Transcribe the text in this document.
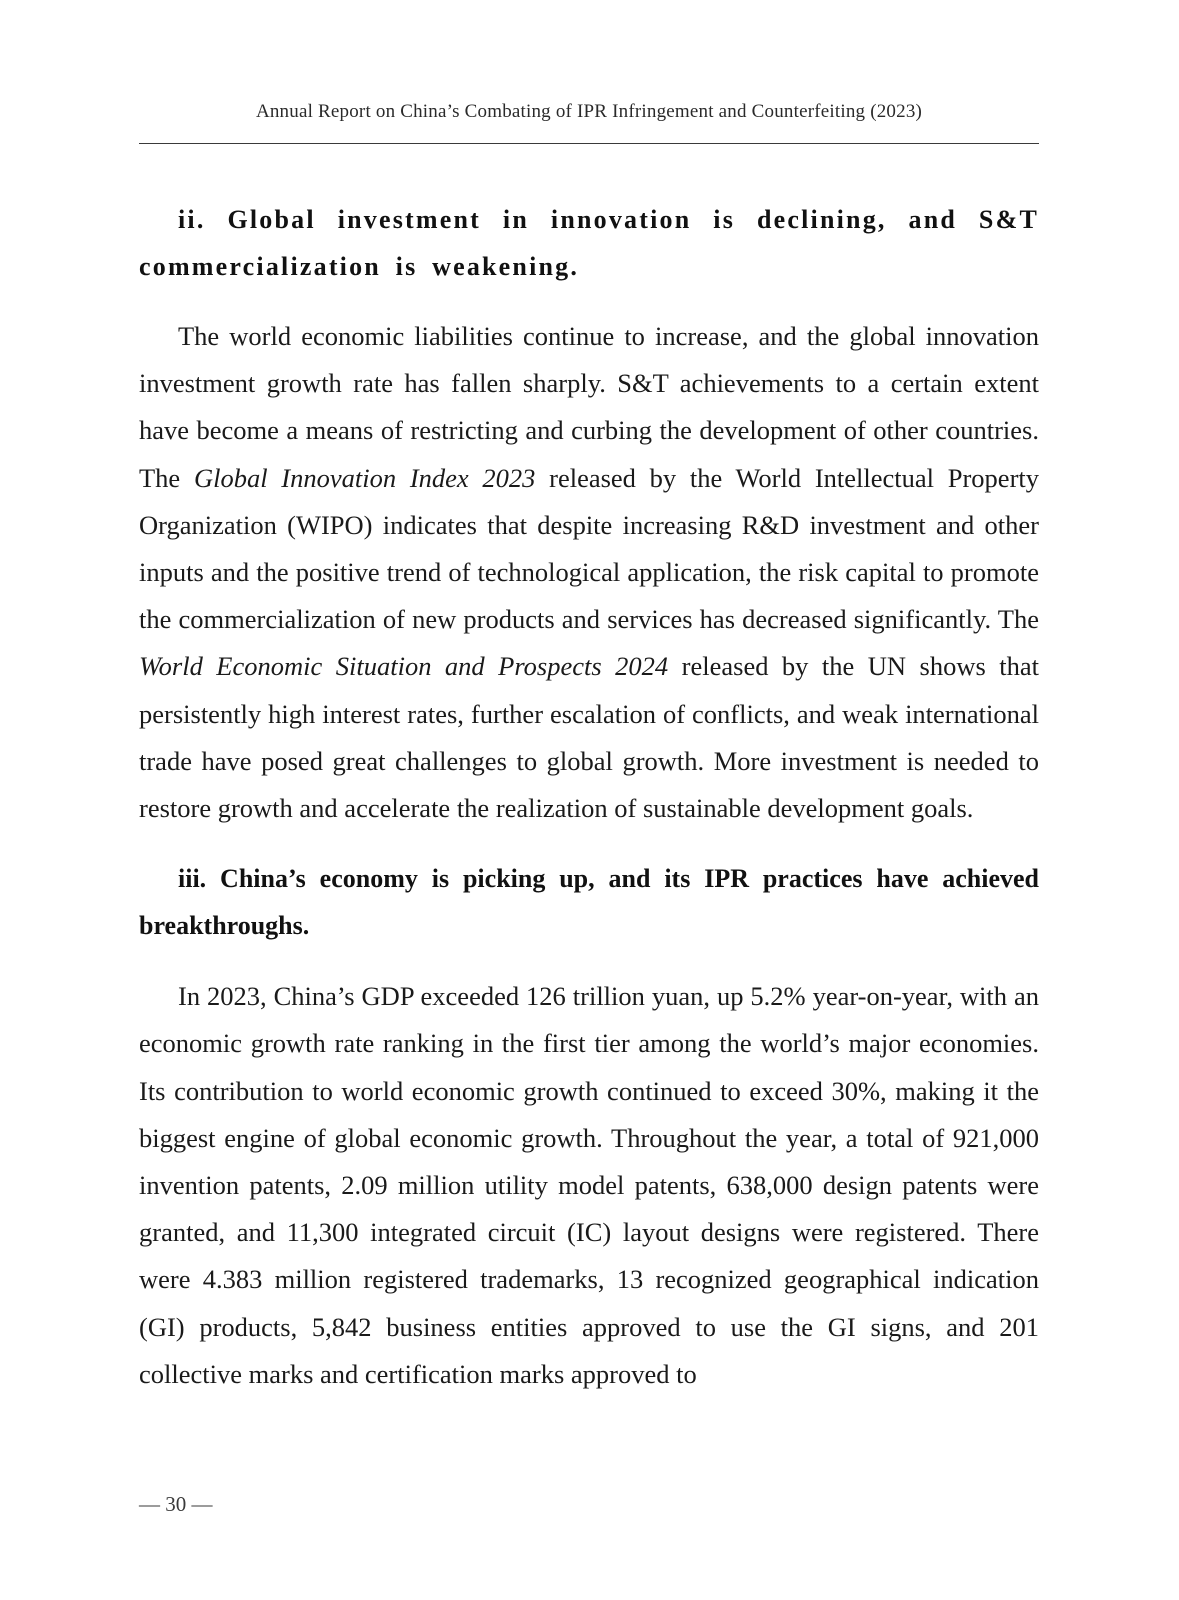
Annual Report on China’s Combating of IPR Infringement and Counterfeiting (2023)
ii. Global investment in innovation is declining, and S&T commercialization is weakening.

The world economic liabilities continue to increase, and the global innovation investment growth rate has fallen sharply. S&T achievements to a certain extent have become a means of restricting and curbing the development of other countries. The Global Innovation Index 2023 released by the World Intellectual Property Organization (WIPO) indicates that despite increasing R&D investment and other inputs and the positive trend of technological application, the risk capital to promote the commercialization of new products and services has decreased significantly. The World Economic Situation and Prospects 2024 released by the UN shows that persistently high interest rates, further escalation of conflicts, and weak international trade have posed great challenges to global growth. More investment is needed to restore growth and accelerate the realization of sustainable development goals.

iii. China’s economy is picking up, and its IPR practices have achieved breakthroughs.

In 2023, China’s GDP exceeded 126 trillion yuan, up 5.2% year-on-year, with an economic growth rate ranking in the first tier among the world’s major economies. Its contribution to world economic growth continued to exceed 30%, making it the biggest engine of global economic growth. Throughout the year, a total of 921,000 invention patents, 2.09 million utility model patents, 638,000 design patents were granted, and 11,300 integrated circuit (IC) layout designs were registered. There were 4.383 million registered trademarks, 13 recognized geographical indication (GI) products, 5,842 business entities approved to use the GI signs, and 201 collective marks and certification marks approved to

— 30 —
